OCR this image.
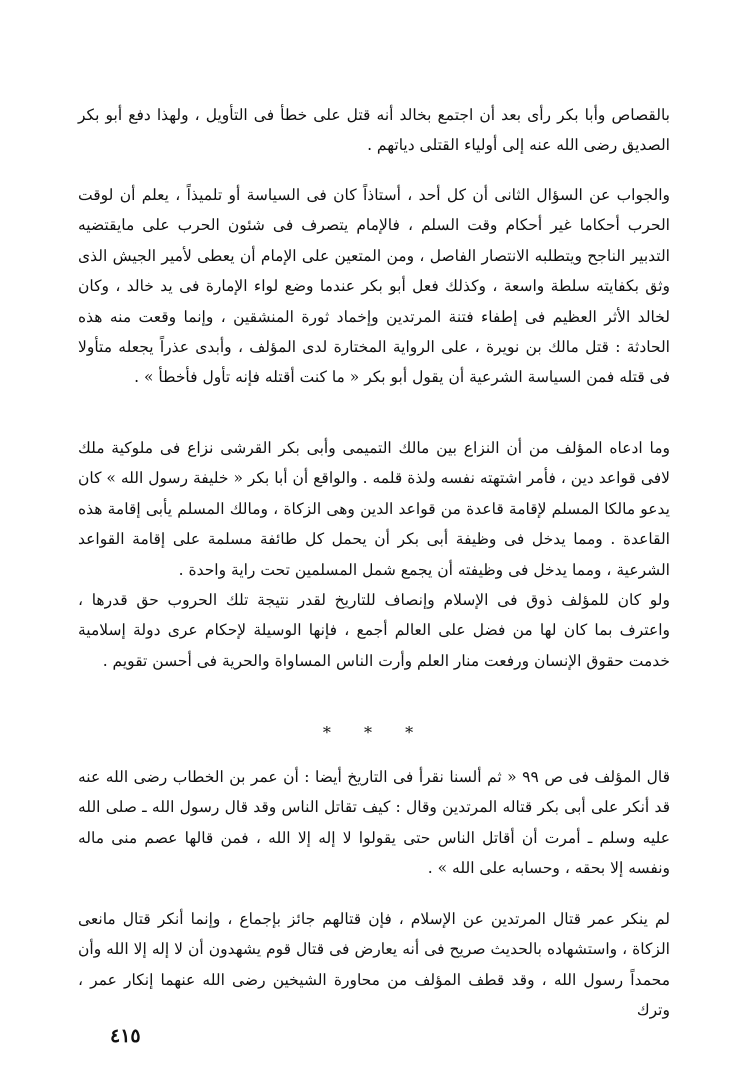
بالقصاص وأبا بكر رأى بعد أن اجتمع بخالد أنه قتل على خطأ فى التأويل ، ولهذا دفع أبو بكر الصديق رضى الله عنه إلى أولياء القتلى دياتهم .

والجواب عن السؤال الثانى أن كل أحد ، أستاذاً كان فى السياسة أو تلميذاً ، يعلم أن لوقت الحرب أحكاما غير أحكام وقت السلم ، فالإمام يتصرف فى شئون الحرب على مايقتضيه التدبير الناجح ويتطلبه الانتصار الفاصل ، ومن المتعين على الإمام أن يعطى لأمير الجيش الذى وثق بكفايته سلطة واسعة ، وكذلك فعل أبو بكر عندما وضع لواء الإمارة فى يد خالد ، وكان لخالد الأثر العظيم فى إطفاء فتنة المرتدين وإخماد ثورة المنشقين ، وإنما وقعت منه هذه الحادثة : قتل مالك بن نويرة ، على الرواية المختارة لدى المؤلف ، وأبدى عذراً يجعله متأولا فى قتله فمن السياسة الشرعية أن يقول أبو بكر « ما كنت أقتله فإنه تأول فأخطأ » .

وما ادعاه المؤلف من أن النزاع بين مالك التميمى وأبى بكر القرشى نزاع فى ملوكية ملك لافى قواعد دين ، فأمر اشتهته نفسه ولذة قلمه . والواقع أن أبا بكر « خليفة رسول الله » كان يدعو مالكا المسلم لإقامة قاعدة من قواعد الدين وهى الزكاة ، ومالك المسلم يأبى إقامة هذه القاعدة . ومما يدخل فى وظيفة أبى بكر أن يحمل كل طائفة مسلمة على إقامة القواعد الشرعية ، ومما يدخل فى وظيفته أن يجمع شمل المسلمين تحت راية واحدة .

ولو كان للمؤلف ذوق فى الإسلام وإنصاف للتاريخ لقدر نتيجة تلك الحروب حق قدرها ، واعترف بما كان لها من فضل على العالم أجمع ، فإنها الوسيلة لإحكام عرى دولة إسلامية خدمت حقوق الإنسان ورفعت منار العلم وأرت الناس المساواة والحرية فى أحسن تقويم .

* * *

قال المؤلف فى ص ٩٩ « ثم ألسنا نقرأ فى التاريخ أيضا : أن عمر بن الخطاب رضى الله عنه قد أنكر على أبى بكر قتاله المرتدين وقال : كيف تقاتل الناس وقد قال رسول الله ـ صلى الله عليه وسلم ـ أمرت أن أقاتل الناس حتى يقولوا لا إله إلا الله ، فمن قالها عصم منى ماله ونفسه إلا بحقه ، وحسابه على الله » .

لم ينكر عمر قتال المرتدين عن الإسلام ، فإن قتالهم جائز بإجماع ، وإنما أنكر قتال مانعى الزكاة ، واستشهاده بالحديث صريح فى أنه يعارض فى قتال قوم يشهدون أن لا إله إلا الله وأن محمداً رسول الله ، وقد قطف المؤلف من محاورة الشيخين رضى الله عنهما إنكار عمر ، وترك

٤١٥
